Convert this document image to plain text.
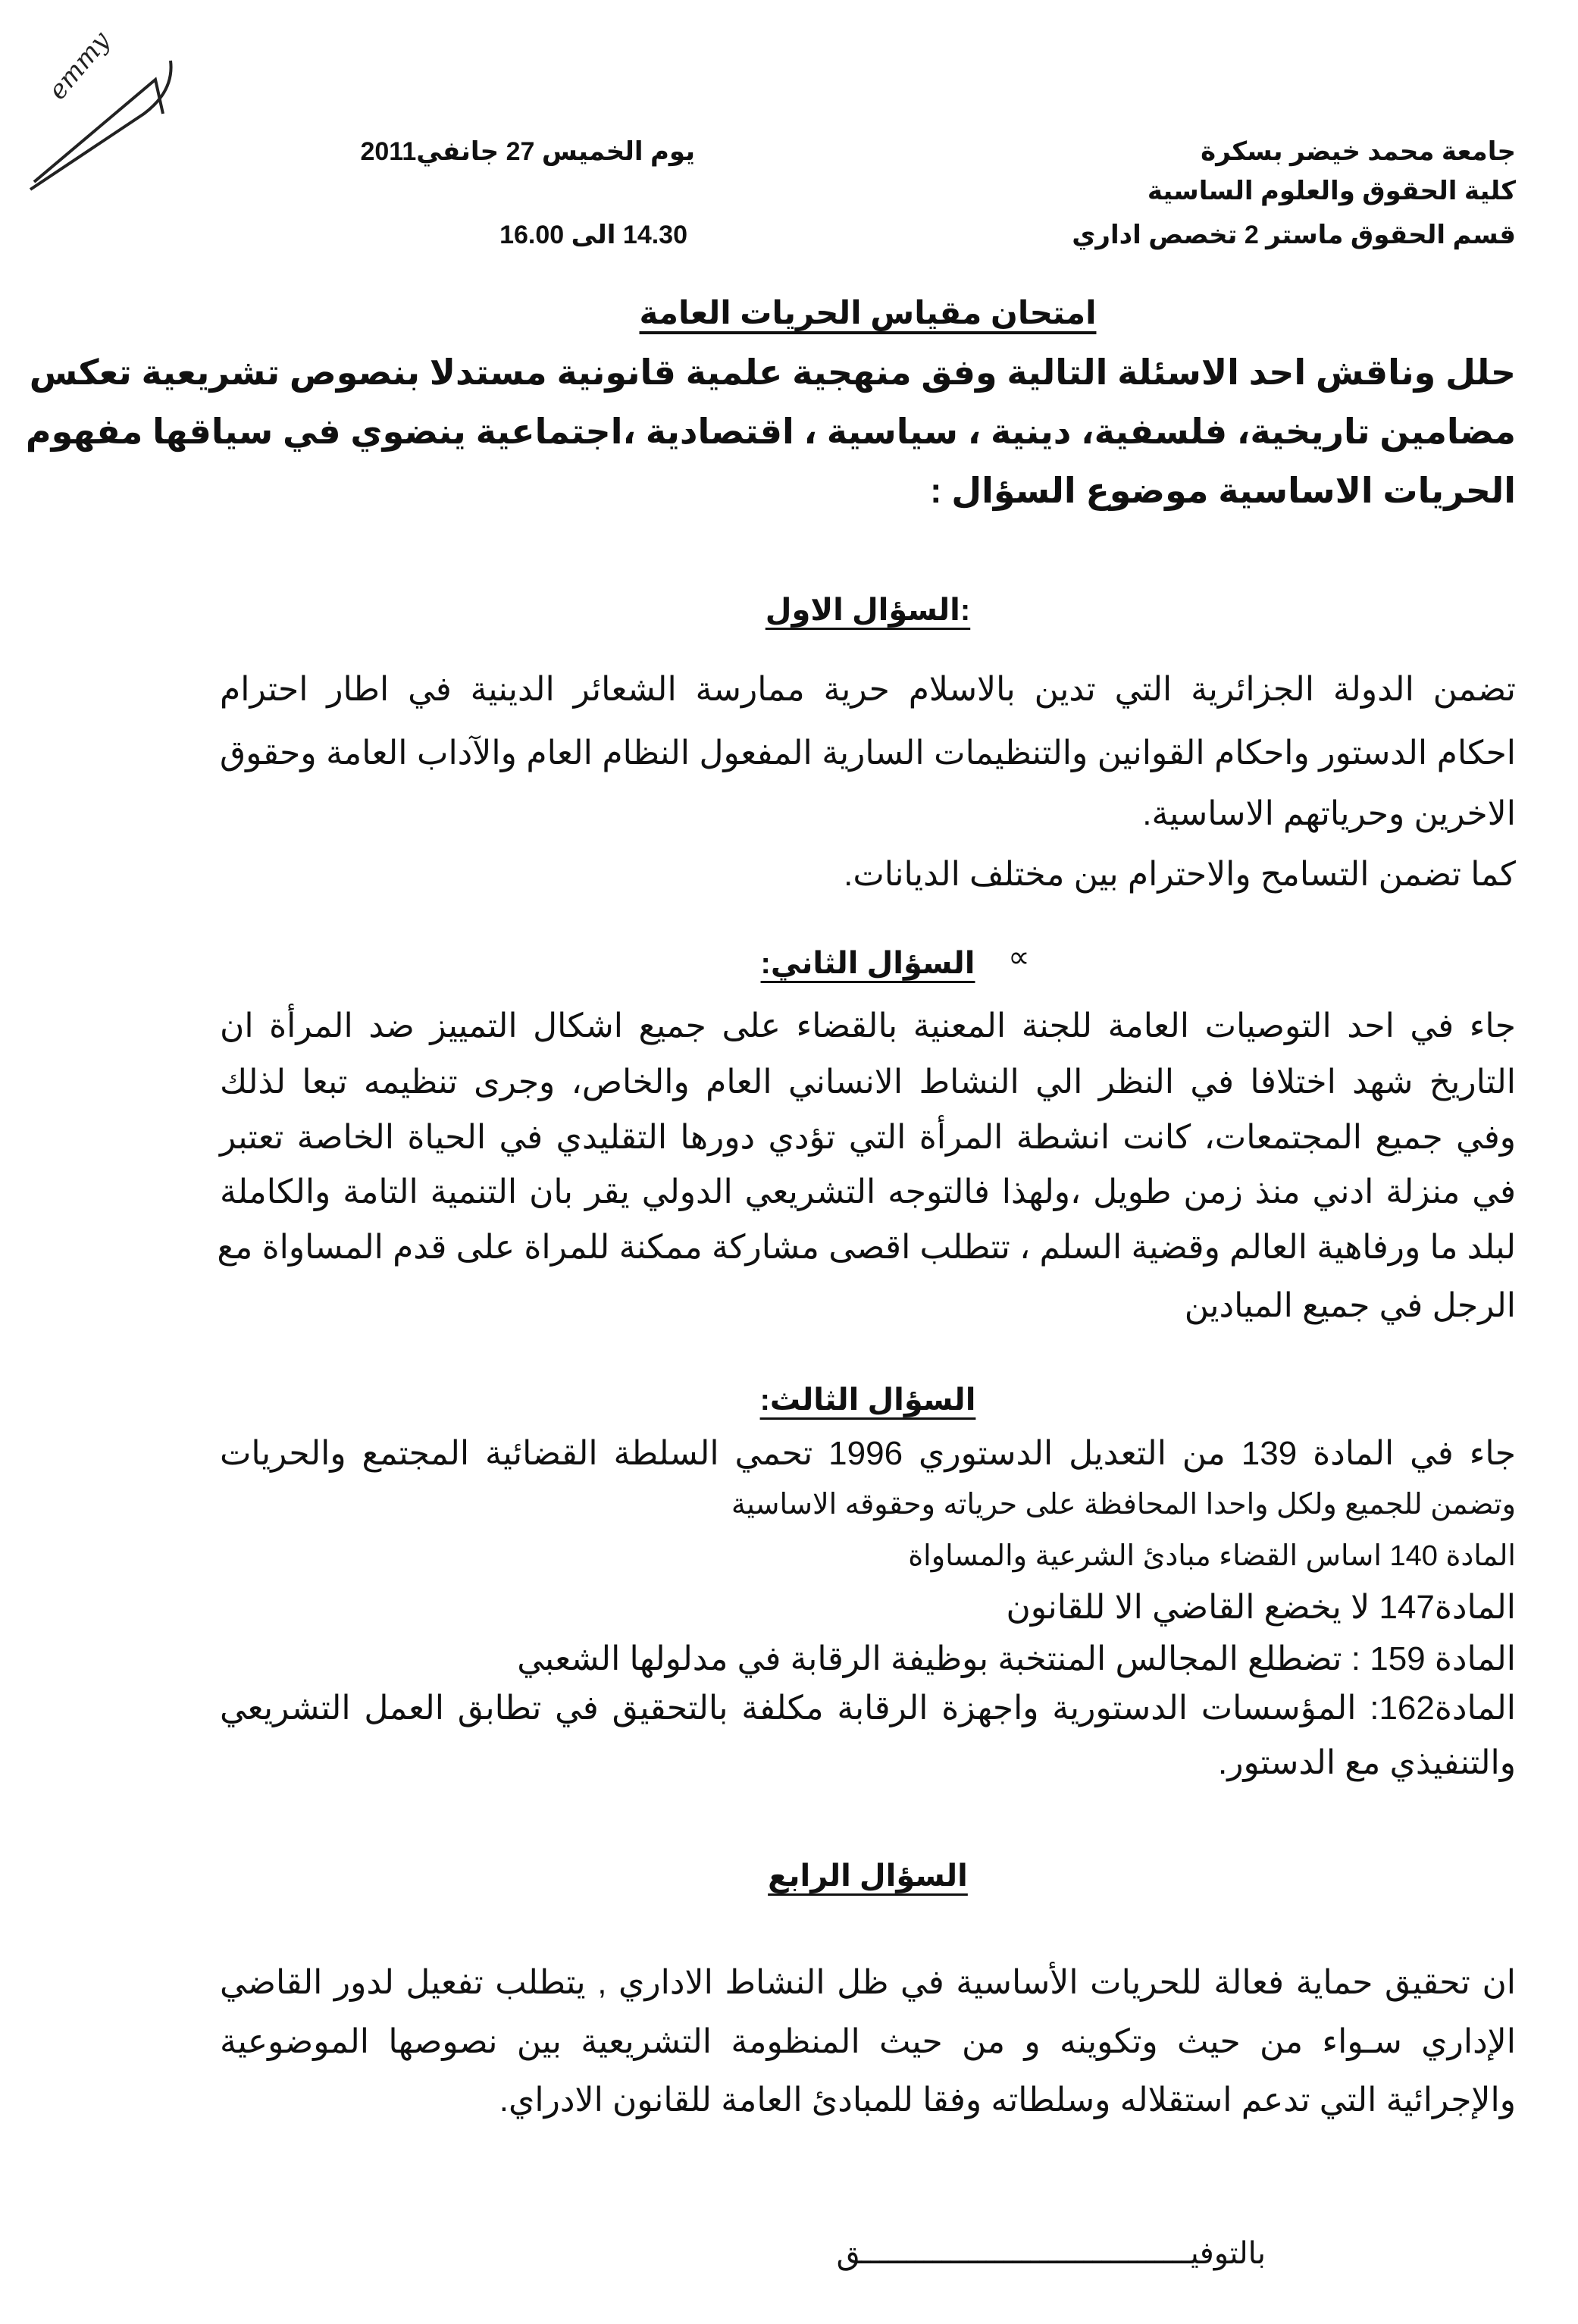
emmy
جامعة محمد خيضر بسكرة
كلية الحقوق والعلوم الساسية
قسم الحقوق ماستر 2 تخصص اداري
يوم الخميس 27 جانفي2011
14.30 الى 16.00
امتحان مقياس الحريات العامة
حلل وناقش احد الاسئلة التالية وفق منهجية علمية قانونية مستدلا بنصوص تشريعية تعكس
مضامين تاريخية، فلسفية، دينية ، سياسية ، اقتصادية ،اجتماعية ينضوي في سياقها مفهوم
الحريات الاساسية موضوع السؤال :
:السؤال الاول
تضمن الدولة الجزائرية التي تدين بالاسلام حرية ممارسة الشعائر الدينية في اطار احترام
احكام الدستور واحكام القوانين والتنظيمات السارية المفعول النظام العام والآداب العامة وحقوق
الاخرين وحرياتهم الاساسية.
كما تضمن التسامح والاحترام بين مختلف الديانات.
السؤال الثاني:	∝
جاء في احد التوصيات العامة للجنة المعنية بالقضاء على جميع اشكال التمييز ضد المرأة ان
التاريخ شهد اختلافا في النظر الي النشاط الانساني العام والخاص، وجرى تنظيمه تبعا لذلك
وفي جميع المجتمعات، كانت انشطة المرأة التي تؤدي دورها التقليدي في الحياة الخاصة تعتبر
في منزلة ادني منذ زمن طويل ،ولهذا فالتوجه التشريعي الدولي يقر بان التنمية التامة والكاملة
لبلد ما ورفاهية العالم وقضية السلم ، تتطلب اقصى مشاركة ممكنة للمراة على قدم المساواة مع
الرجل في جميع الميادين
السؤال الثالث:
جاء في المادة 139 من التعديل الدستوري 1996 تحمي السلطة القضائية المجتمع والحريات
وتضمن للجميع ولكل واحدا المحافظة على حرياته وحقوقه الاساسية
المادة 140 اساس القضاء مبادئ الشرعية والمساواة
المادة147 لا يخضع القاضي الا للقانون
المادة 159 : تضطلع المجالس المنتخبة بوظيفة الرقابة في مدلولها الشعبي
المادة162: المؤسسات الدستورية واجهزة الرقابة مكلفة بالتحقيق في تطابق العمل التشريعي
والتنفيذي مع الدستور.
السؤال الرابع
ان تحقيق حماية فعالة للحريات الأساسية في ظل النشاط الاداري , يتطلب تفعيل لدور القاضي
الإداري سـواء من حيث وتكوينه و من حيث المنظومة التشريعية بين نصوصها الموضوعية
والإجرائية التي تدعم استقلاله وسلطاته وفقا للمبادئ العامة للقانون الادراي.
بالتوفيـــــــــــــــــــــــــــــــــــــق
